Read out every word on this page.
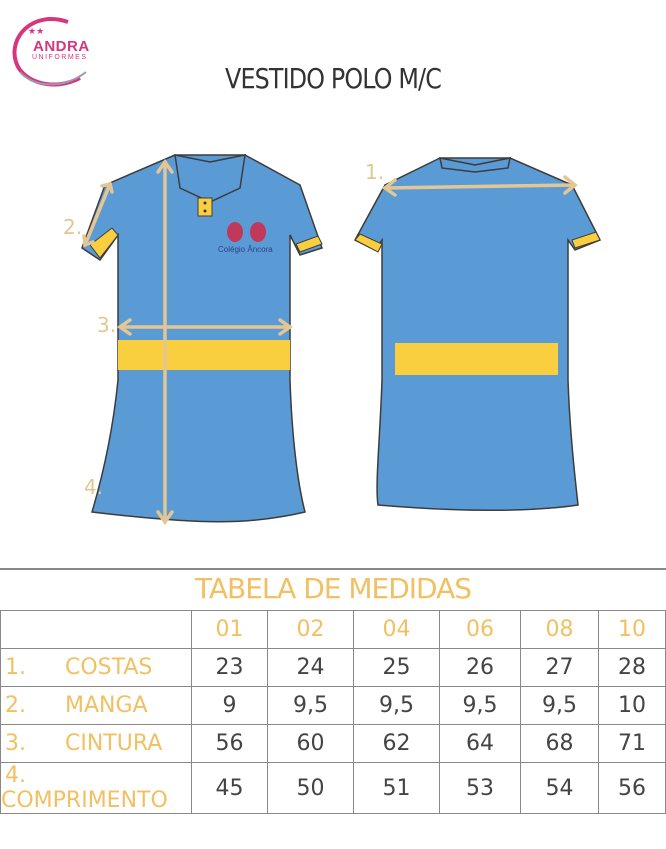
★★
ANDRA
UNIFORMES
VESTIDO POLO M/C
Colégio Âncora
1.
2.
3.
4.
TABELA DE MEDIDAS
	01	02	04	06	08	10
1. COSTAS	23	24	25	26	27	28
2. MANGA	9	9,5	9,5	9,5	9,5	10
3. CINTURA	56	60	62	64	68	71
4.COMPRIMENTO	45	50	51	53	54	56
